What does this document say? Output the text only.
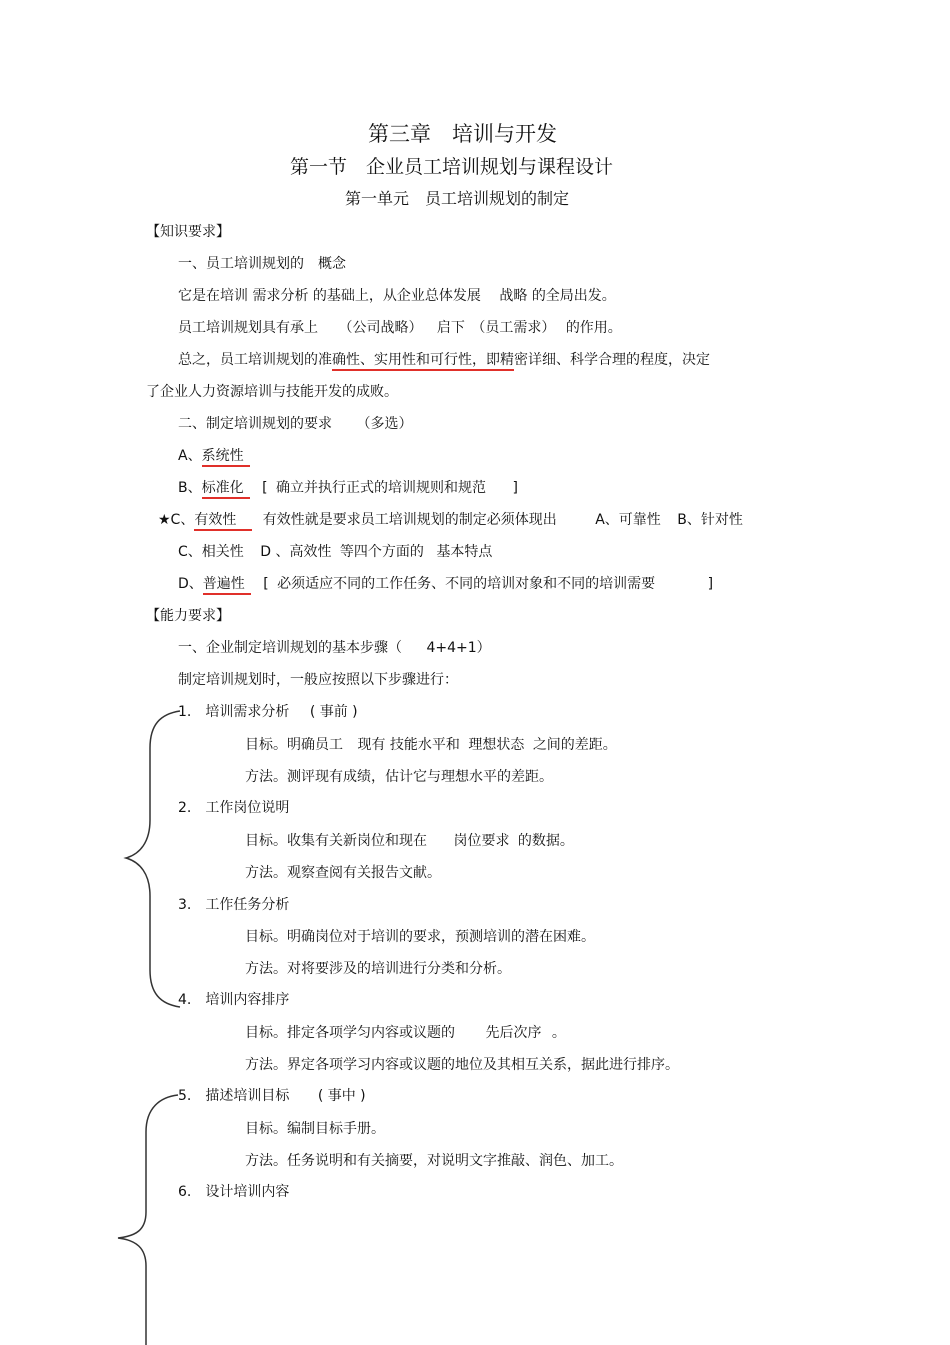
第三章　培训与开发
第一节　企业员工培训规划与课程设计
第一单元　员工培训规划的制定
【知识要求】
一、员工培训规划的　概念
它是在培训 需求分析 的基础上，从企业总体发展 战略 的全局出发。
员工培训规划具有承上 （公司战略） 启下 （员工需求） 的作用。
总之，员工培训规划的准确性、实用性和可行性，即精密详细、科学合理的程度，决定
了企业人力资源培训与技能开发的成败。
二、制定培训规划的要求 （多选）
A、系统性
B、标准化 [ 确立并执行正式的培训规则和规范 ]
★C、有效性 有效性就是要求员工培训规划的制定必须体现出	A、可靠性 B、针对性
C、相关性 D 、高效性 等四个方面的 基本特点
D、普遍性 [ 必须适应不同的工作任务、不同的培训对象和不同的培训需要	]
【能力要求】
一、企业制定培训规划的基本步骤（ 4+4+1）
制定培训规划时，一般应按照以下步骤进行：
1.　培训需求分析 ( 事前 )
目标。明确员工 现有 技能水平和 理想状态 之间的差距。
方法。测评现有成绩，估计它与理想水平的差距。
2.　工作岗位说明
目标。收集有关新岗位和现在 岗位要求 的数据。
方法。观察查阅有关报告文献。
3.　工作任务分析
目标。明确岗位对于培训的要求，预测培训的潜在困难。
方法。对将要涉及的培训进行分类和分析。
4.　培训内容排序
目标。排定各项学匀内容或议题的 先后次序 。
方法。界定各项学习内容或议题的地位及其相互关系，据此进行排序。
5.　描述培训目标 ( 事中 )
目标。编制目标手册。
方法。任务说明和有关摘要，对说明文字推敲、润色、加工。
6.　设计培训内容
